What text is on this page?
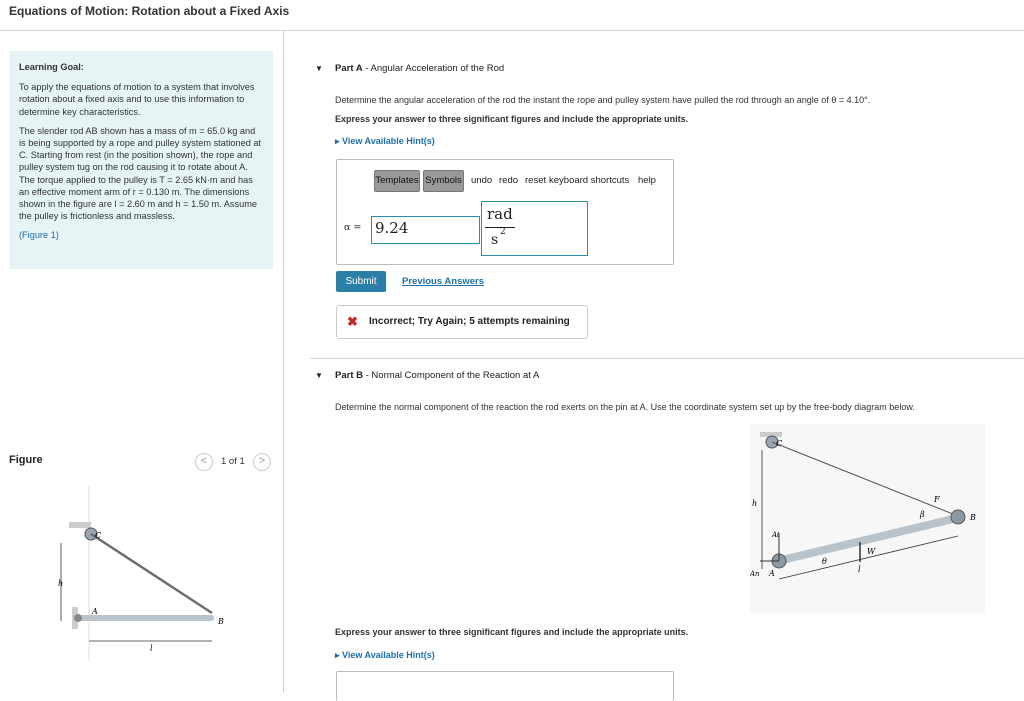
Equations of Motion: Rotation about a Fixed Axis
Learning Goal:

To apply the equations of motion to a system that involves rotation about a fixed axis and to use this information to determine key characteristics.

The slender rod AB shown has a mass of m = 65.0 kg and is being supported by a rope and pulley system stationed at C. Starting from rest (in the position shown), the rope and pulley system tug on the rod causing it to rotate about A. The torque applied to the pulley is T = 2.65 kN·m and has an effective moment arm of r = 0.130 m. The dimensions shown in the figure are l = 2.60 m and h = 1.50 m. Assume the pulley is frictionless and massless.

(Figure 1)
Figure	<	1 of 1	>
C
h
A
B
l
▼ Part A - Angular Acceleration of the Rod
Determine the angular acceleration of the rod the instant the rope and pulley system have pulled the rod through an angle of θ = 4.10°.
Express your answer to three significant figures and include the appropriate units.
▸ View Available Hint(s)
Templates Symbols undo redo reset keyboard shortcuts help
α = 9.24
rad
s 2
Submit	Previous Answers
✖ Incorrect; Try Again; 5 attempts remaining
▼ Part B - Normal Component of the Reaction at A
Determine the normal component of the reaction the rod exerts on the pin at A. Use the coordinate system set up by the free-body diagram below.
C
h	F
β	B
At
An A
W
θ
l
Express your answer to three significant figures and include the appropriate units.
▸ View Available Hint(s)
